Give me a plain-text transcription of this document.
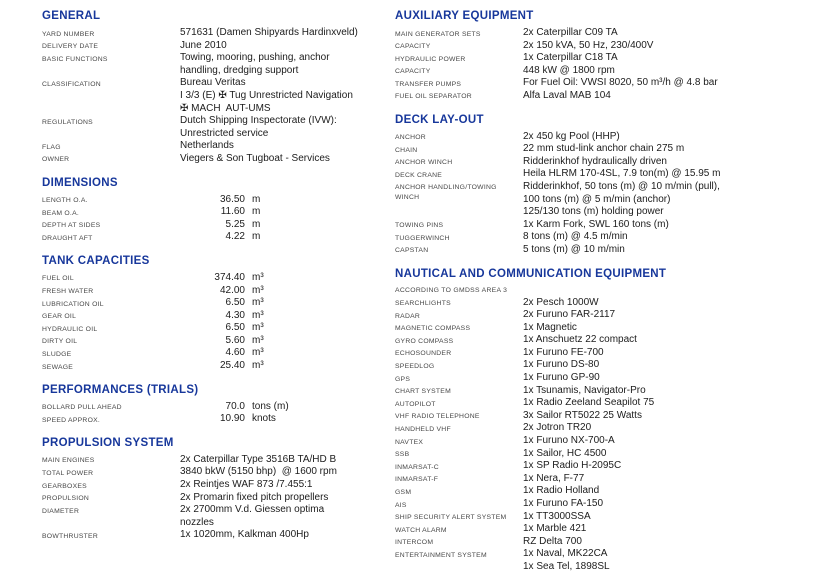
GENERAL
YARD NUMBER	571631 (Damen Shipyards Hardinxveld)
DELIVERY DATE	June 2010
BASIC FUNCTIONS	Towing, mooring, pushing, anchor
handling, dredging support
CLASSIFICATION	Bureau Veritas
I 3/3 (E) ✠ Tug Unrestricted Navigation
✠ MACH  AUT-UMS
REGULATIONS	Dutch Shipping Inspectorate (IVW):
Unrestricted service
FLAG	Netherlands
OWNER	Viegers & Son Tugboat - Services
DIMENSIONS
LENGTH O.A.	36.50 m
BEAM O.A.	11.60 m
DEPTH AT SIDES	5.25 m
DRAUGHT AFT	4.22 m
TANK CAPACITIES
FUEL OIL	374.40 m³
FRESH WATER	42.00 m³
LUBRICATION OIL	6.50 m³
GEAR OIL	4.30 m³
HYDRAULIC OIL	6.50 m³
DIRTY OIL	5.60 m³
SLUDGE	4.60 m³
SEWAGE	25.40 m³
PERFORMANCES (TRIALS)
BOLLARD PULL AHEAD	70.0 tons (m)
SPEED APPROX.	10.90 knots
PROPULSION SYSTEM
MAIN ENGINES	2x Caterpillar Type 3516B TA/HD B
TOTAL POWER	3840 bkW (5150 bhp)  @ 1600 rpm
GEARBOXES	2x Reintjes WAF 873 /7.455:1
PROPULSION	2x Promarin fixed pitch propellers
DIAMETER	2x 2700mm V.d. Giessen optima
nozzles
BOWTHRUSTER	1x 1020mm, Kalkman 400Hp
AUXILIARY EQUIPMENT
MAIN GENERATOR SETS	2x Caterpillar C09 TA
CAPACITY	2x 150 kVA, 50 Hz, 230/400V
HYDRAULIC POWER	1x Caterpillar C18 TA
CAPACITY	448 kW @ 1800 rpm
TRANSFER PUMPS	For Fuel Oil: VWSI 8020, 50 m³/h @ 4.8 bar
FUEL OIL SEPARATOR	Alfa Laval MAB 104
DECK LAY-OUT
ANCHOR	2x 450 kg Pool (HHP)
CHAIN	22 mm stud-link anchor chain 275 m
ANCHOR WINCH	Ridderinkhof hydraulically driven
DECK CRANE	Heila HLRM 170-4SL, 7.9 ton(m) @ 15.95 m
ANCHOR HANDLING/TOWING WINCH
Ridderinkhof, 50 tons (m) @ 10 m/min (pull),
100 tons (m) @ 5 m/min (anchor)
125/130 tons (m) holding power
TOWING PINS	1x Karm Fork, SWL 160 tons (m)
TUGGERWINCH	8 tons (m) @ 4.5 m/min
CAPSTAN	5 tons (m) @ 10 m/min
NAUTICAL AND COMMUNICATION EQUIPMENT
ACCORDING TO GMDSS AREA 3
SEARCHLIGHTS	2x Pesch 1000W
RADAR	2x Furuno FAR-2117
MAGNETIC COMPASS	1x Magnetic
GYRO COMPASS	1x Anschuetz 22 compact
ECHOSOUNDER	1x Furuno FE-700
SPEEDLOG	1x Furuno DS-80
GPS	1x Furuno GP-90
CHART SYSTEM	1x Tsunamis, Navigator-Pro
AUTOPILOT	1x Radio Zeeland Seapilot 75
VHF RADIO TELEPHONE	3x Sailor RT5022 25 Watts
HANDHELD VHF	2x Jotron TR20
NAVTEX	1x Furuno NX-700-A
SSB	1x Sailor, HC 4500
INMARSAT-C	1x SP Radio H-2095C
INMARSAT-F	1x Nera, F-77
GSM	1x Radio Holland
AIS	1x Furuno FA-150
SHIP SECURITY ALERT SYSTEM	1x TT3000SSA
WATCH ALARM	1x Marble 421
INTERCOM	RZ Delta 700
ENTERTAINMENT SYSTEM	1x Naval, MK22CA
1x Sea Tel, 1898SL
